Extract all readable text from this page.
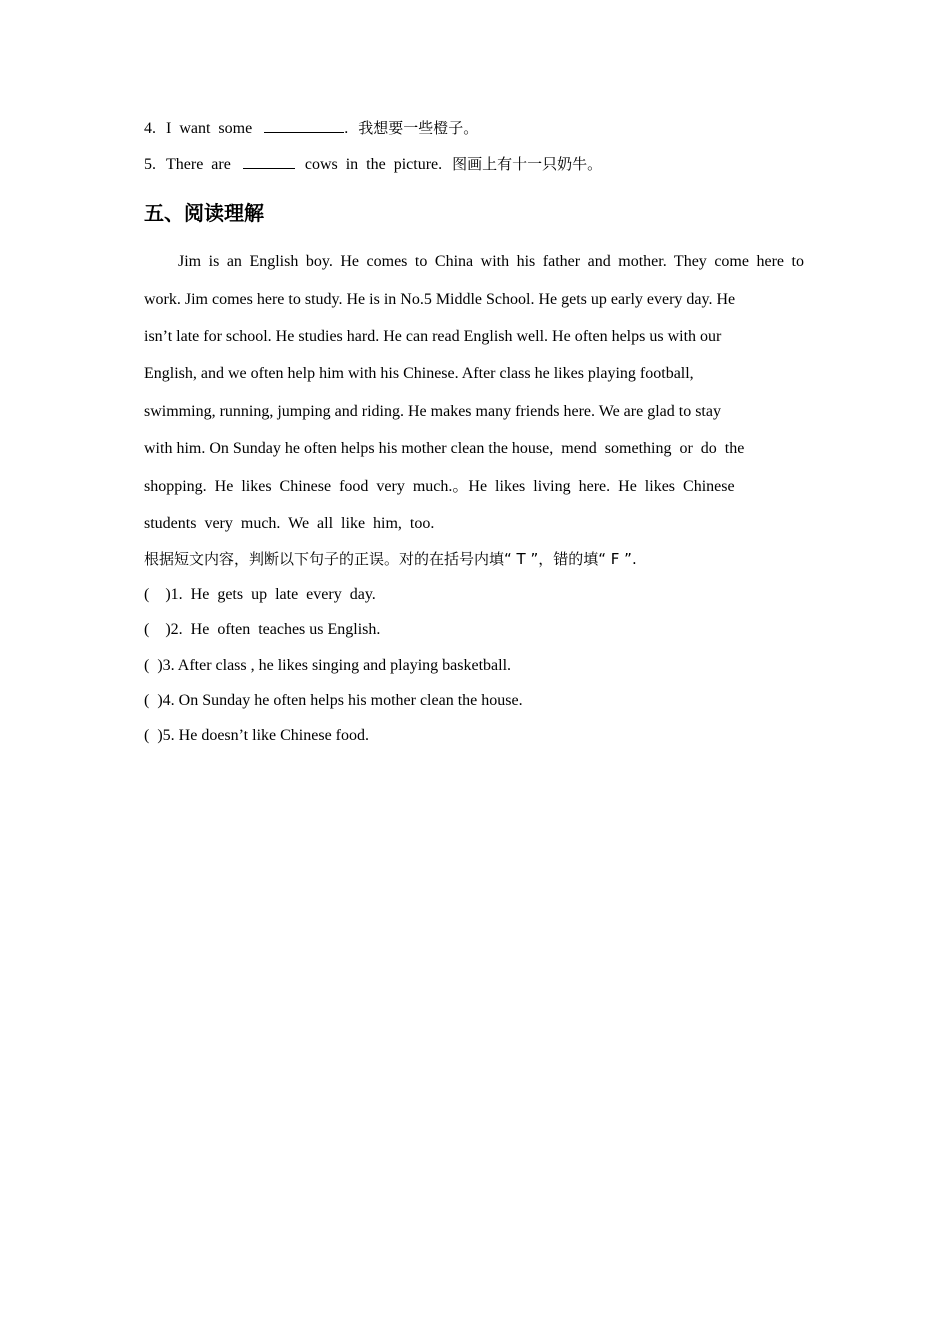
4. I  want  some	. 我想要一些橙子。
5. There  are	cows  in  the  picture. 图画上有十一只奶牛。
五、阅读理解
Jim is an English boy. He comes to China with his father and mother. They come here to
work. Jim comes here to study. He is in No.5 Middle School. He gets up early every day. He
isn’t late for school. He studies hard. He can read English well. He often helps us with our
English, and we often help him with his Chinese. After class he likes playing football,
swimming, running, jumping and riding. He makes many friends here. We are glad to stay
with him. On Sunday he often helps his mother clean the house,  mend  something  or  do  the
shopping.  He  likes  Chinese  food  very  much.。He  likes  living  here.  He  likes  Chinese
students  very  much.  We  all  like  him,  too.
根据短文内容，判断以下句子的正误。对的在括号内填“ T ”，错的填“ F ”.
(    )1.  He  gets  up  late  every  day.
(    )2.  He  often  teaches us English.
(  )3. After class , he likes singing and playing basketball.
(  )4. On Sunday he often helps his mother clean the house.
(  )5. He doesn’t like Chinese food.
